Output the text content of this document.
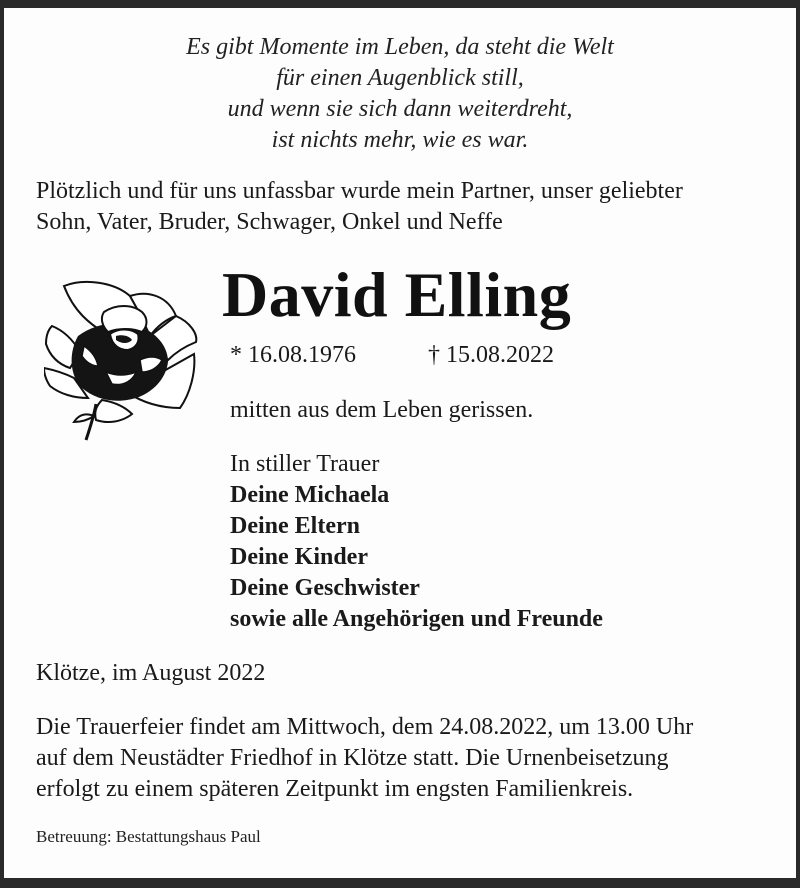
Es gibt Momente im Leben, da steht die Welt
für einen Augenblick still,
und wenn sie sich dann weiterdreht,
ist nichts mehr, wie es war.
Plötzlich und für uns unfassbar wurde mein Partner, unser geliebter
Sohn, Vater, Bruder, Schwager, Onkel und Neffe
David Elling
* 16.08.1976	† 15.08.2022
mitten aus dem Leben gerissen.
In stiller Trauer
Deine Michaela
Deine Eltern
Deine Kinder
Deine Geschwister
sowie alle Angehörigen und Freunde
Klötze, im August 2022
Die Trauerfeier findet am Mittwoch, dem 24.08.2022, um 13.00 Uhr
auf dem Neustädter Friedhof in Klötze statt. Die Urnenbeisetzung
erfolgt zu einem späteren Zeitpunkt im engsten Familienkreis.
Betreuung: Bestattungshaus Paul
